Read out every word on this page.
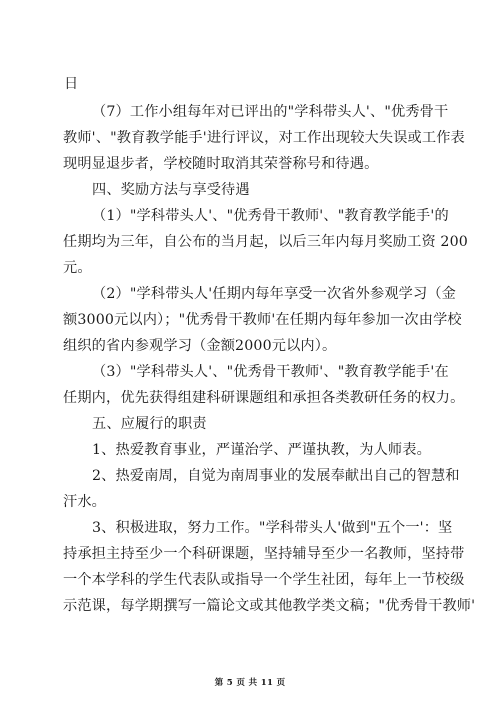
日
（7）工作小组每年对已评出的"学科带头人'、"优秀骨干
教师'、"教育教学能手'进行评议，对工作出现较大失误或工作表
现明显退步者，学校随时取消其荣誉称号和待遇。
四、奖励方法与享受待遇
（1）"学科带头人'、"优秀骨干教师'、"教育教学能手'的
任期均为三年，自公布的当月起，以后三年内每月奖励工资 200
元。
（2）"学科带头人'任期内每年享受一次省外参观学习（金
额3000元以内）；"优秀骨干教师'在任期内每年参加一次由学校
组织的省内参观学习（金额2000元以内）。
（3）"学科带头人'、"优秀骨干教师'、"教育教学能手'在
任期内，优先获得组建科研课题组和承担各类教研任务的权力。
五、应履行的职责
1、热爱教育事业，严谨治学、严谨执教，为人师表。
2、热爱南周，自觉为南周事业的发展奉献出自己的智慧和
汗水。
3、积极进取，努力工作。"学科带头人'做到"五个一'：坚
持承担主持至少一个科研课题，坚持辅导至少一名教师，坚持带
一个本学科的学生代表队或指导一个学生社团，每年上一节校级
示范课，每学期撰写一篇论文或其他教学类文稿；"优秀骨干教师'
第 5 页 共 11 页
